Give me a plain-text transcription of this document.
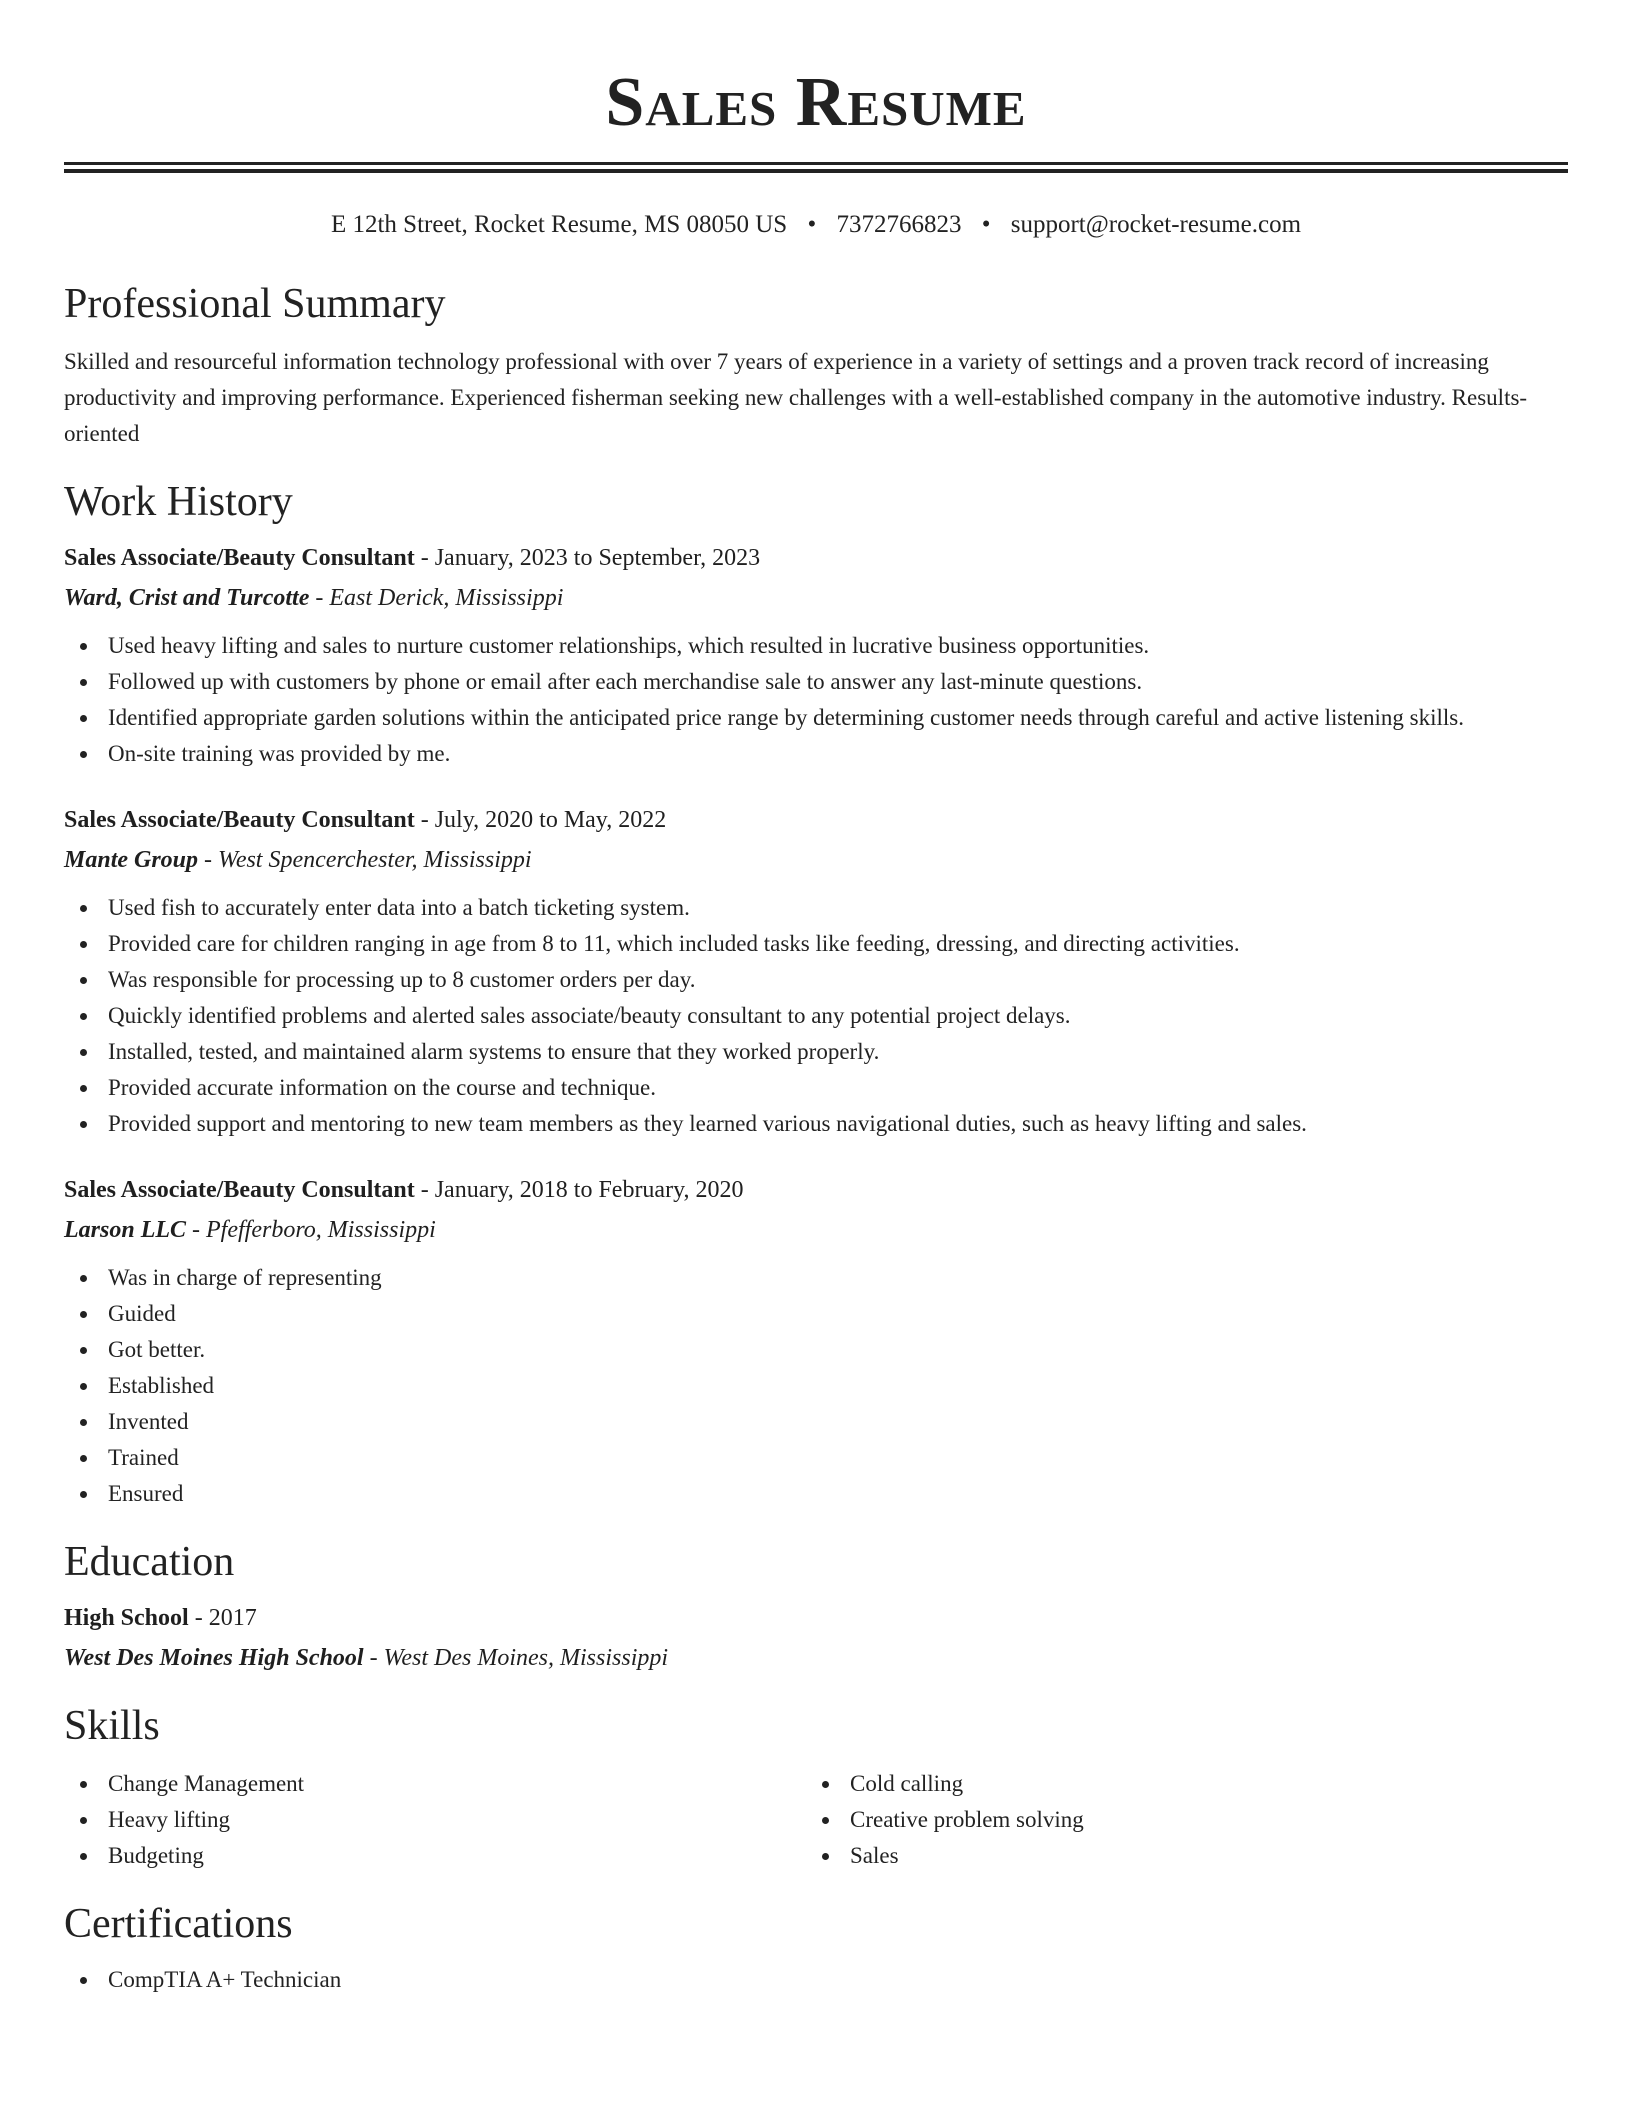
Sales Resume
E 12th Street, Rocket Resume, MS 08050 US • 7372766823 • support@rocket-resume.com
Professional Summary
Skilled and resourceful information technology professional with over 7 years of experience in a variety of settings and a proven track record of increasing productivity and improving performance. Experienced fisherman seeking new challenges with a well-established company in the automotive industry. Results-oriented
Work History
Sales Associate/Beauty Consultant - January, 2023 to September, 2023
Ward, Crist and Turcotte - East Derick, Mississippi
Used heavy lifting and sales to nurture customer relationships, which resulted in lucrative business opportunities.
Followed up with customers by phone or email after each merchandise sale to answer any last-minute questions.
Identified appropriate garden solutions within the anticipated price range by determining customer needs through careful and active listening skills.
On-site training was provided by me.
Sales Associate/Beauty Consultant - July, 2020 to May, 2022
Mante Group - West Spencerchester, Mississippi
Used fish to accurately enter data into a batch ticketing system.
Provided care for children ranging in age from 8 to 11, which included tasks like feeding, dressing, and directing activities.
Was responsible for processing up to 8 customer orders per day.
Quickly identified problems and alerted sales associate/beauty consultant to any potential project delays.
Installed, tested, and maintained alarm systems to ensure that they worked properly.
Provided accurate information on the course and technique.
Provided support and mentoring to new team members as they learned various navigational duties, such as heavy lifting and sales.
Sales Associate/Beauty Consultant - January, 2018 to February, 2020
Larson LLC - Pfefferboro, Mississippi
Was in charge of representing
Guided
Got better.
Established
Invented
Trained
Ensured
Education
High School - 2017
West Des Moines High School - West Des Moines, Mississippi
Skills
Change Management
Heavy lifting
Budgeting
Cold calling
Creative problem solving
Sales
Certifications
CompTIA A+ Technician
